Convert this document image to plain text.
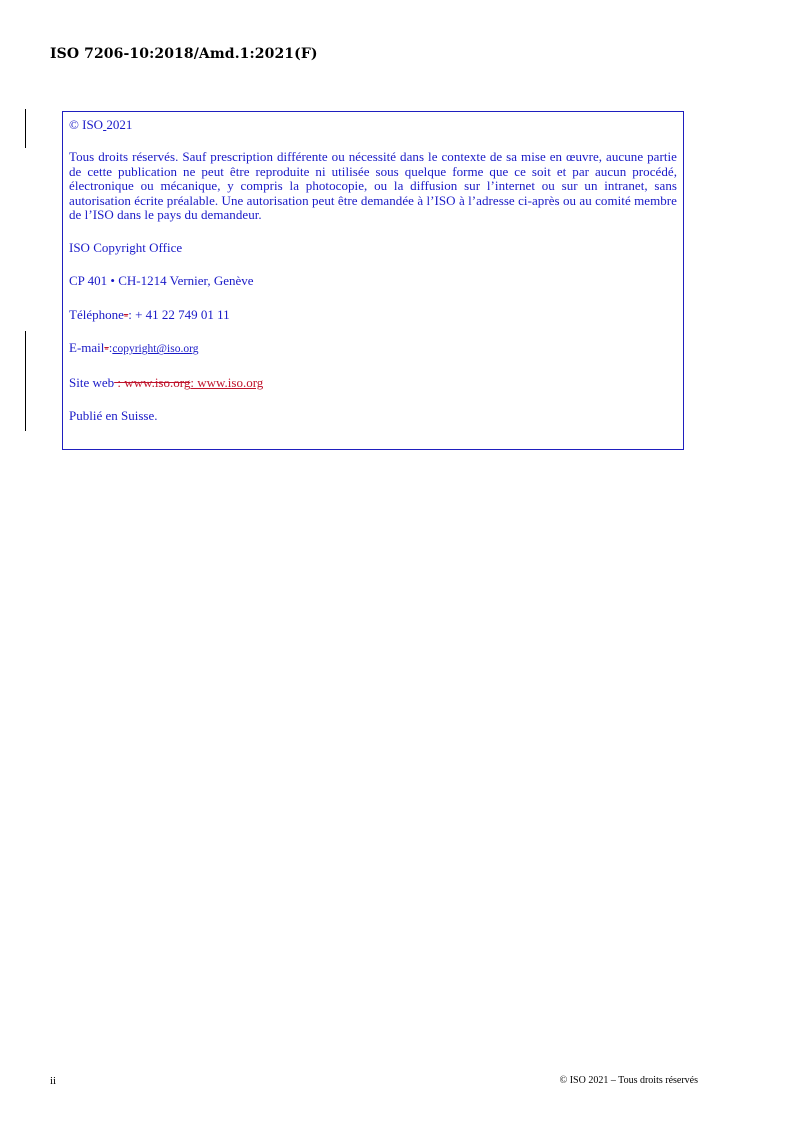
ISO 7206-10:2018/Amd.1:2021(F)

© ISO 2021

Tous droits réservés. Sauf prescription différente ou nécessité dans le contexte de sa mise en œuvre, aucune partie de cette publication ne peut être reproduite ni utilisée sous quelque forme que ce soit et par aucun procédé, électronique ou mécanique, y compris la photocopie, ou la diffusion sur l’internet ou sur un intranet, sans autorisation écrite préalable. Une autorisation peut être demandée à l’ISO à l’adresse ci-après ou au comité membre de l’ISO dans le pays du demandeur.

ISO Copyright Office

CP 401 • CH-1214 Vernier, Genève

Téléphone-: + 41 22 749 01 11

E-mail-:copyright@iso.org

Site web : www.iso.org: www.iso.org

Publié en Suisse.

ii	© ISO 2021 – Tous droits réservés
